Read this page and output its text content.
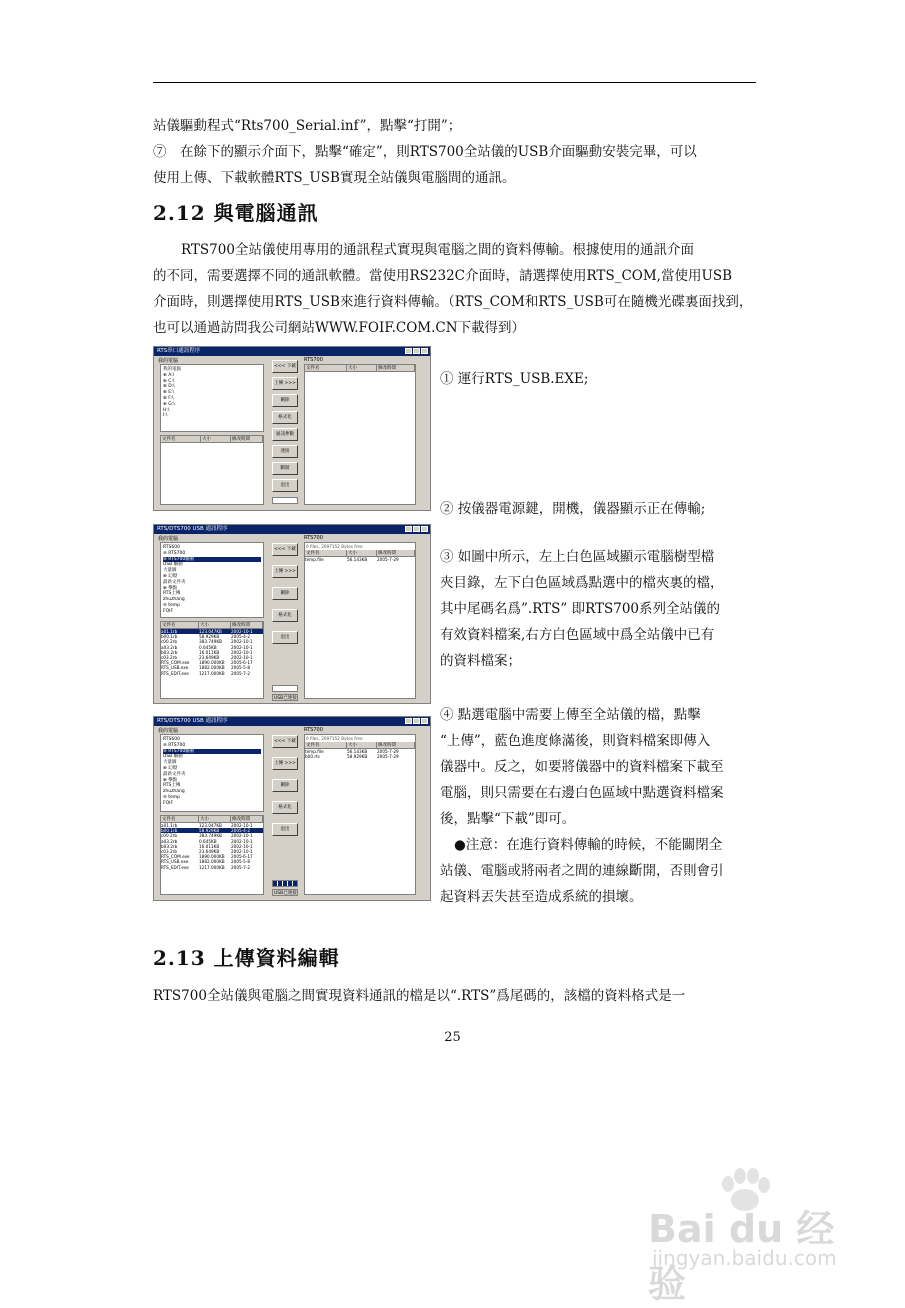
站儀驅動程式“Rts700_Serial.inf”，點擊“打開”；
⑦　在餘下的顯示介面下，點擊“確定”，則RTS700全站儀的USB介面驅動安裝完畢，可以
使用上傳、下載軟體RTS_USB實現全站儀與電腦間的通訊。
2.12 與電腦通訊
RTS700全站儀使用專用的通訊程式實現與電腦之間的資料傳輸。根據使用的通訊介面
的不同，需要選擇不同的通訊軟體。當使用RS232C介面時，請選擇使用RTS_COM,當使用USB
介面時，則選擇使用RTS_USB來進行資料傳輸。（RTS_COM和RTS_USB可在隨機光碟裏面找到，
也可以通過訪問我公司網站WWW.FOIF.COM.CN下載得到）
RTS串口通訊程序
我的電腦
我的電腦
⊕ A:\
⊕ C:\
⊕ D:\
⊕ E:\
⊕ F:\
⊕ G:\
H:\
I:\
文件名	大小	修改時間
<<< 下載
上傳 >>>
刪除
格式化
通訊參數
連接
斷開
退出
RTS700
文件名	大小	修改時間
RTS/DTS700 USB 通訊程序
我的電腦
RTS600
⊖ RTS700
⊖ RTS700驅動
USB 驅動
大量圖
⊕ 幻燈
最新文件夾
⊕ 樂點
RTS上傳
zhuzhang
⊖ temp
FOIF
文件名	大小	修改時間
a01.1rb	123.047KB	2002-10-1
b00.1rb	58.929KB	2005-4-2
c00.2rb	383.749KB	2002-10-1
a03.2rb	0.645KB	2002-10-1
b03.2rb	16.011KB	2002-10-1
c03.2rb	23.649KB	2002-10-1
RTS_COM.exe	1890.000KB	2005-6-17
RTS_USB.exe	1882.000KB	2005-5-8
RTS_EDIT.exe	1217.000KB	2005-7-2
<<< 下載
上傳 >>>
刪除
格式化
退出
USB已連接
RTS700
0 files, 2097152 Bytes free
文件名	大小	修改時間
temp.file	56.143KB	2005-7-29
RTS/DTS700 USB 通訊程序
我的電腦
RTS600
⊖ RTS700
⊖ RTS700驅動
USB 驅動
大量圖
⊕ 幻燈
最新文件夾
⊕ 樂點
RTS上傳
zhuzhang
⊖ temp
FOIF
文件名	大小	修改時間
a01.1rb	123.047KB	2002-10-1
b00.1rb	58.929KB	2005-4-2
c00.2rb	383.749KB	2002-10-1
a03.2rb	0.645KB	2002-10-1
b03.2rb	16.011KB	2002-10-1
c03.2rb	23.649KB	2002-10-1
RTS_COM.exe	1890.000KB	2005-6-17
RTS_USB.exe	1882.000KB	2005-5-8
RTS_EDIT.exe	1217.000KB	2005-7-2
<<< 下載
上傳 >>>
刪除
格式化
退出
USB已連接
RTS700
0 files, 2097152 Bytes free
文件名	大小	修改時間
temp.file	56.143KB	2005-7-29
b00.rts	58.929KB	2005-7-29
① 運行RTS_USB.EXE;
② 按儀器電源鍵，開機，儀器顯示正在傳輸;
③ 如圖中所示，左上白色區域顯示電腦樹型檔
夾目錄，左下白色區域爲點選中的檔夾裏的檔，
其中尾碼名爲”.RTS” 即RTS700系列全站儀的
有效資料檔案,右方白色區域中爲全站儀中已有
的資料檔案；
④ 點選電腦中需要上傳至全站儀的檔，點擊
“上傳”，藍色進度條滿後，則資料檔案即傳入
儀器中。反之，如要將儀器中的資料檔案下載至
電腦，則只需要在右邊白色區域中點選資料檔案
後，點擊“下載”即可。
●注意：在進行資料傳輸的時候，不能關閉全
站儀、電腦或將兩者之間的連線斷開，否則會引
起資料丟失甚至造成系統的損壞。
2.13 上傳資料編輯
RTS700全站儀與電腦之間實現資料通訊的檔是以“.RTS”爲尾碼的，該檔的資料格式是一
25
Bai du 经验
jingyan.baidu.com
